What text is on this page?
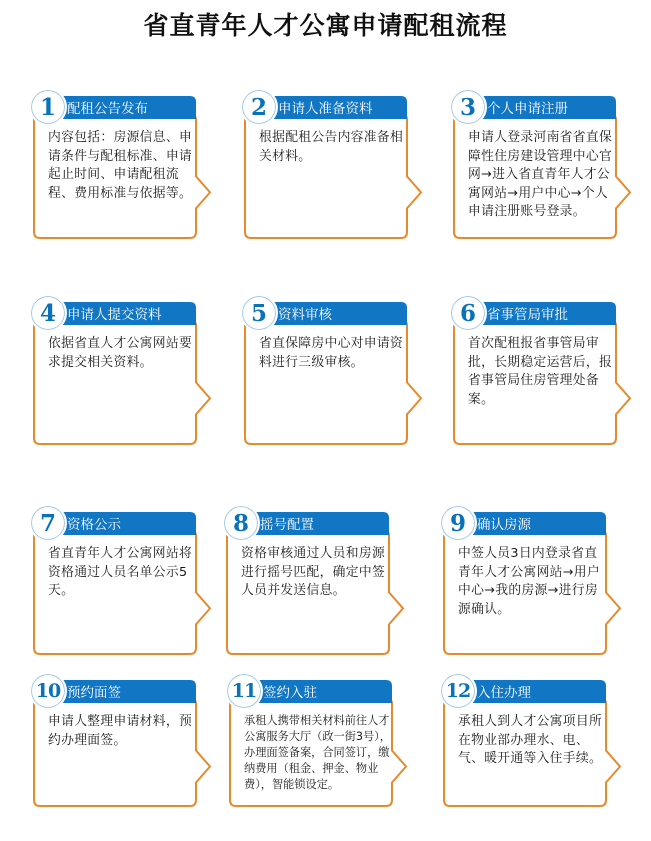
省直青年人才公寓申请配租流程
1 配租公告发布
内容包括：房源信息、申请条件与配租标准、申请起止时间、申请配租流程、费用标准与依据等。
2 申请人准备资料
根据配租公告内容准备相关材料。
3 个人申请注册
申请人登录河南省省直保障性住房建设管理中心官网→进入省直青年人才公寓网站→用户中心→个人申请注册账号登录。
4 申请人提交资料
依据省直人才公寓网站要求提交相关资料。
5 资料审核
省直保障房中心对申请资料进行三级审核。
6 省事管局审批
首次配租报省事管局审批，长期稳定运营后，报省事管局住房管理处备案。
7 资格公示
省直青年人才公寓网站将资格通过人员名单公示5天。
8 摇号配置
资格审核通过人员和房源进行摇号匹配，确定中签人员并发送信息。
9 确认房源
中签人员3日内登录省直青年人才公寓网站→用户中心→我的房源→进行房源确认。
10 预约面签
申请人整理申请材料，预约办理面签。
11 签约入驻
承租人携带相关材料前往人才公寓服务大厅（政一街3号），办理面签备案，合同签订，缴纳费用（租金、押金、物业费），智能锁设定。
12 入住办理
承租人到人才公寓项目所在物业部办理水、电、气、暖开通等入住手续。
